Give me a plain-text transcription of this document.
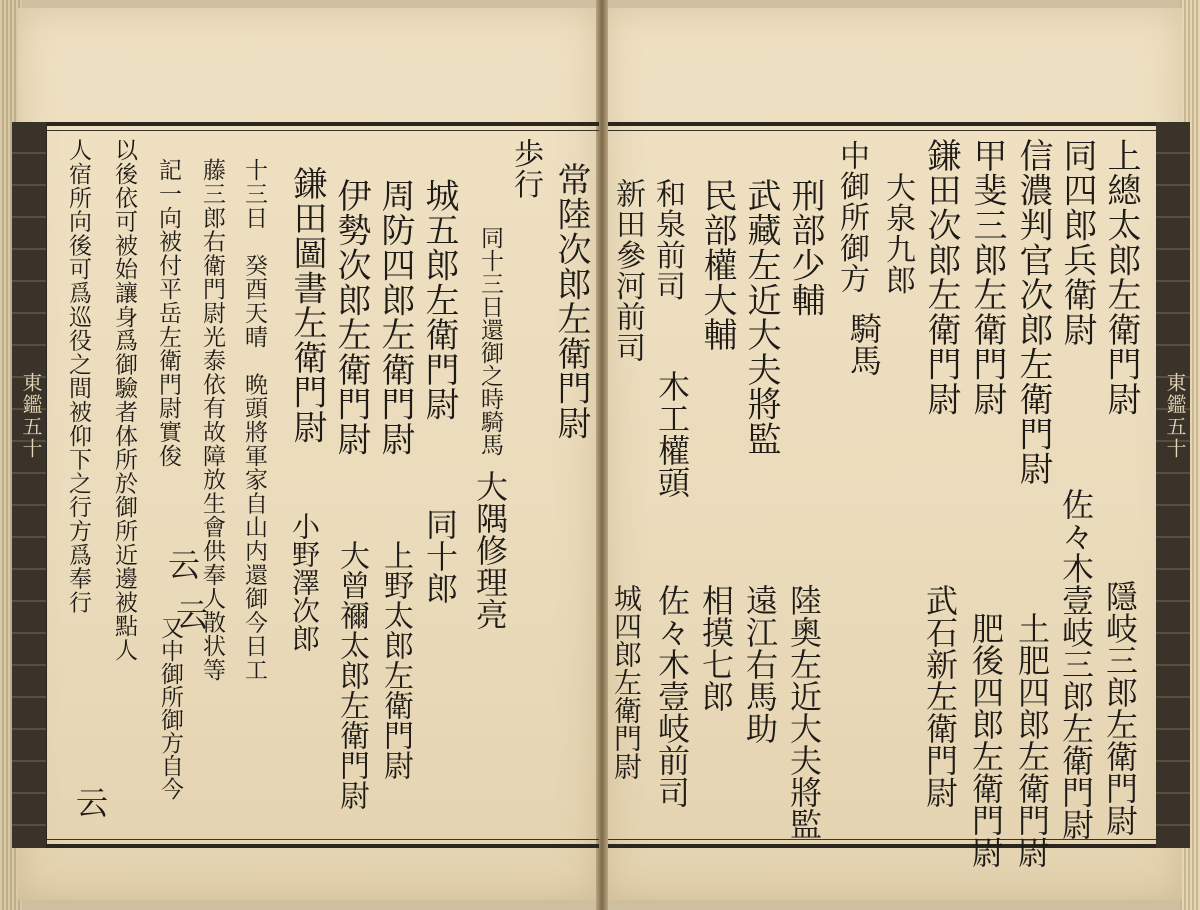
東鑑五十	東鑑五十
上總太郎左衛門尉
同四郎兵衛尉
信濃判官次郎左衛門尉
甲斐三郎左衛門尉
鎌田次郎左衛門尉
大泉九郎
中御所御方
騎馬
刑部少輔
武藏左近大夫將監
民部權大輔
和泉前司
新田參河前司
隱岐三郎左衛門尉
佐々木壹岐三郎左衛門尉
土肥四郎左衛門尉
肥後四郎左衛門尉
武石新左衛門尉
陸奧左近大夫將監
遠江右馬助
相摸七郎
木工權頭
佐々木壹岐前司
城四郎左衛門尉
常陸次郎左衛門尉
歩行
同十三日還御之時騎馬
大隅修理亮
城五郎左衛門尉
同十郎
周防四郎左衛門尉
上野太郎左衛門尉
伊勢次郎左衛門尉
大曾禰太郎左衛門尉
鎌田圖書左衛門尉
小野澤次郎
十三日　癸酉天晴　晩頭將軍家自山内還御今日工
藤三郎右衛門尉光泰依有故障放生會供奉人散状等
記一向被付平岳左衛門尉實俊
云
云
又中御所御方自今
以後依可被始讓身爲御驗者体所於御所近邊被點人
人宿所向後可爲巡役之間被仰下之行方爲奉行
云
